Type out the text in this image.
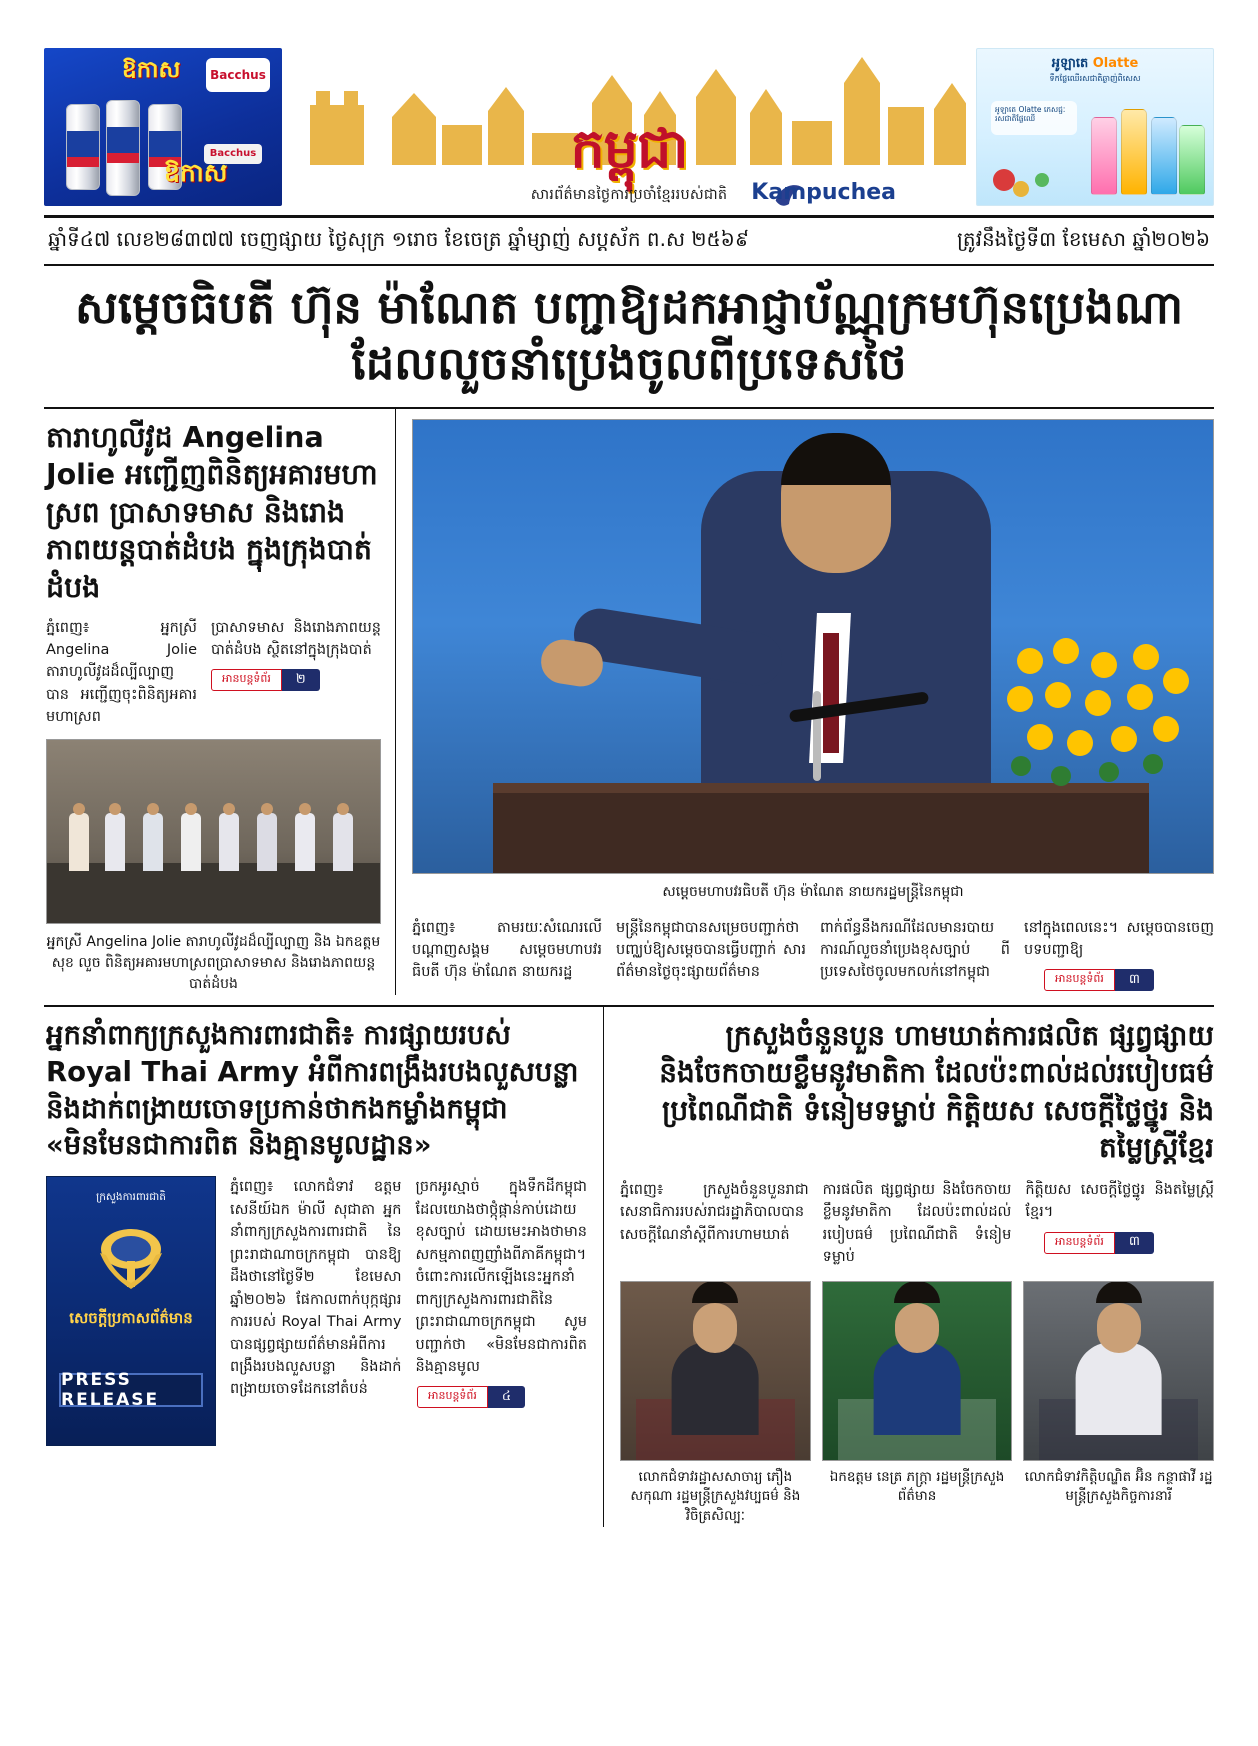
ឱកាស	Bacchus
Bacchus
ឱកាស	កម្ពុជា
សារព័ត៌មានថ្ងៃការប្រចាំខ្មែររបស់ជាតិ Kampuchea
អូឡាតេ Olatte
ទឹកផ្លែឈើរសជាតិឆ្ងាញ់ពិសេស
អូឡាតេ Olatte ភេសជ្ជៈរសជាតិផ្លែឈើ
ឆ្នាំទី៤៧ លេខ២៨៣៧៧ ចេញផ្សាយ ថ្ងៃសុក្រ ១រោច ខែចេត្រ ឆ្នាំម្សាញ់ សប្តស័ក ព.ស ២៥៦៩	ត្រូវនឹងថ្ងៃទី៣ ខែមេសា ឆ្នាំ២០២៦
សម្តេចធិបតី ហ៊ុន ម៉ាណែត បញ្ជាឱ្យដកអាជ្ញាប័ណ្ណក្រមហ៊ុនប្រេងណាដែលលួចនាំប្រេងចូលពីប្រទេសថៃ
តារាហូលីវូដ Angelina Jolie អញ្ជើញពិនិត្យអគារមហាស្រព ប្រាសាទមាស និងរោងភាពយន្តបាត់ដំបង ក្នុងក្រុងបាត់ដំបង
ភ្នំពេញ៖ អ្នកស្រី Angelina Jolie តារាហូលីវូដដ៏ល្បីល្បាញបាន អញ្ជើញចុះពិនិត្យអគារមហាស្រព
ប្រាសាទមាស និងរោងភាពយន្ត បាត់ដំបង ស្ថិតនៅក្នុងក្រុងបាត់
អានបន្តទំព័រ	២
អ្នកស្រី Angelina Jolie តារាហូលីវូដដ៏ល្បីល្បាញ និង ឯកឧត្តម សុខ លួច ពិនិត្យអគារមហាស្រពប្រាសាទមាស និងរោងភាពយន្តបាត់ដំបង
សម្តេចមហាបវរធិបតី ហ៊ុន ម៉ាណែត នាយករដ្ឋមន្ត្រីនៃកម្ពុជា
ភ្នំពេញ៖ តាមរយៈសំណេរលើ បណ្ដាញសង្គម សម្តេចមហាបវរធិបតី ហ៊ុន ម៉ាណែត នាយករដ្ឋ
មន្ត្រីនៃកម្ពុជាបានសម្រេចបញ្ជាក់ថា បញ្ឈប់ឱ្យសម្តេចបានធ្វើបញ្ជាក់ សារព័ត៌មានថ្ងៃចុះផ្សាយព័ត៌មាន
ពាក់ព័ន្ធនឹងករណីដែលមានរបាយការណ៍លួចនាំប្រេងខុសច្បាប់ ពី ប្រទេសថៃចូលមកលក់នៅកម្ពុជា
នៅក្នុងពេលនេះ។ សម្តេចបានចេញបទបញ្ជាឱ្យ
អានបន្តទំព័រ	៣
អ្នកនាំពាក្យក្រសួងការពារជាតិ៖ ការផ្សាយរបស់ Royal Thai Army អំពីការពង្រឹងរបងលួសបន្លា និងដាក់ពង្រាយចោទប្រកាន់ថាកងកម្លាំងកម្ពុជា «មិនមែនជាការពិត និងគ្មានមូលដ្ឋាន»
ក្រសួងការពារជាតិ
សេចក្តីប្រកាសព័ត៌មាន
PRESS RELEASE
ភ្នំពេញ៖ លោកជំទាវ ឧត្តមសេនីយ៍ឯក ម៉ាលី សុជាតា អ្នកនាំពាក្យក្រសួងការពារជាតិ នៃព្រះរាជាណាចក្រកម្ពុជា បានឱ្យដឹងថានៅថ្ងៃទី២ ខែមេសា ឆ្នាំ២០២៦ ផែកាលពាក់បុក្កផ្សារការរបស់ Royal Thai Army បានផ្សព្វផ្សាយព័ត៌មានអំពីការពង្រឹងរបងលួសបន្លា និងដាក់ពង្រាយចោទដែកនៅតំបន់
ច្រកអូរស្មាច់ ក្នុងទឹកដីកម្ពុជាដែលយោងថាថ្កុំផ្កាន់កាប់ដោយខុសច្បាប់ ដោយមេះអាងថាមានសកម្មភាពញញាំងពីភាគីកម្ពុជា។ ចំពោះការលើកឡើងនេះអ្នកនាំពាក្យក្រសួងការពារជាតិនៃព្រះរាជាណាចក្រកម្ពុជា សូមបញ្ជាក់ថា «មិនមែនជាការពិត និងគ្មានមូល
អានបន្តទំព័រ	៤
ក្រសួងចំនួនបួន ហាមឃាត់ការផលិត ផ្សព្វផ្សាយ និងចែកចាយខ្លឹមនូវមាតិកា ដែលប៉ះពាល់ដល់របៀបធម៌ ប្រពៃណីជាតិ ទំនៀមទម្លាប់ កិត្តិយស សេចក្តីថ្លៃថ្នូរ និងតម្លៃស្ត្រីខ្មែរ
ភ្នំពេញ៖ ក្រសួងចំនួនបួនរាជាសេនាធិការរបស់រាជរដ្ឋាភិបាលបាន សេចក្តីណែនាំស្ដីពីការហាមឃាត់
ការផលិត ផ្សព្វផ្សាយ និងចែកចាយ ខ្លឹមនូវមាតិកា ដែលប៉ះពាល់ដល់ របៀបធម៌ ប្រពៃណីជាតិ ទំនៀមទម្លាប់
កិត្តិយស សេចក្តីថ្លៃថ្នូរ និងតម្លៃស្ត្រីខ្មែរ។
អានបន្តទំព័រ	៣
លោកជំទាវរដ្ឋាសសាចារ្យ ភឿង សកុណា រដ្ឋមន្ត្រីក្រសួងវប្បធម៌ និងវិចិត្រសិល្បៈ
ឯកឧត្តម នេត្រ ភក្ត្រា រដ្ឋមន្ត្រីក្រសួងព័ត៌មាន
លោកជំទាវកិត្តិបណ្ឌិត អ៊ិន កន្ថាផាវី រដ្ឋមន្ត្រីក្រសួងកិច្ចការនារី
